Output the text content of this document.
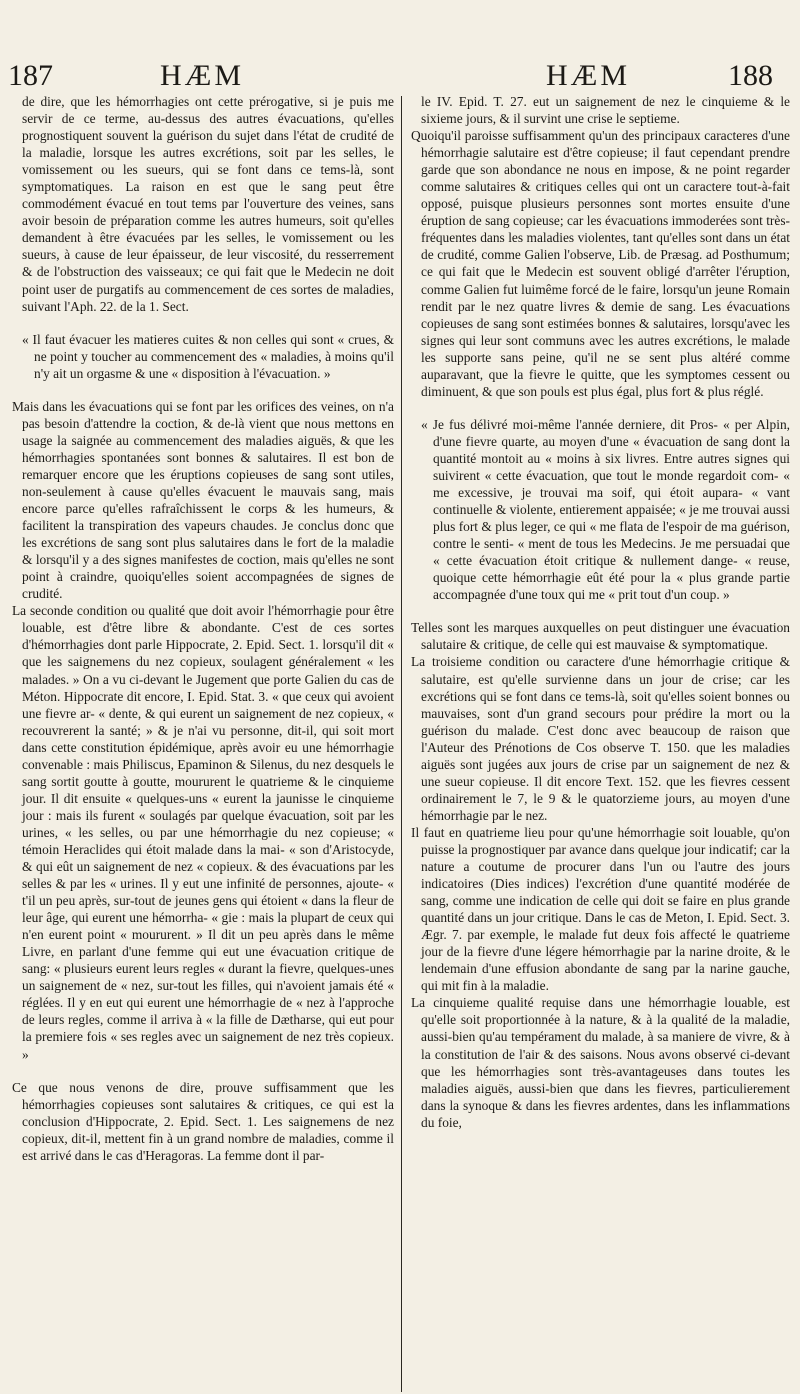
187	HÆM	HÆM	188

de dire, que les hémorrhagies ont cette prérogative, si je puis me servir de ce terme, au-dessus des autres évacuations, qu'elles prognostiquent souvent la guérison du sujet dans l'état de crudité de la maladie, lorsque les autres excrétions, soit par les selles, le vomissement ou les sueurs, qui se font dans ce tems-là, sont symptomatiques. La raison en est que le sang peut être commodément évacué en tout tems par l'ouverture des veines, sans avoir besoin de préparation comme les autres humeurs, soit qu'elles demandent à être évacuées par les selles, le vomissement ou les sueurs, à cause de leur épaisseur, de leur viscosité, du resserrement & de l'obstruction des vaisseaux; ce qui fait que le Medecin ne doit point user de purgatifs au commencement de ces sortes de maladies, suivant l'Aph. 22. de la 1. Sect.

« Il faut évacuer les matieres cuites & non celles qui sont « crues, & ne point y toucher au commencement des « maladies, à moins qu'il n'y ait un orgasme & une « disposition à l'évacuation. »

Mais dans les évacuations qui se font par les orifices des veines, on n'a pas besoin d'attendre la coction, & de-là vient que nous mettons en usage la saignée au commencement des maladies aiguës, & que les hémorrhagies spontanées sont bonnes & salutaires. Il est bon de remarquer encore que les éruptions copieuses de sang sont utiles, non-seulement à cause qu'elles évacuent le mauvais sang, mais encore parce qu'elles rafraîchissent le corps & les humeurs, & facilitent la transpiration des vapeurs chaudes. Je conclus donc que les excrétions de sang sont plus salutaires dans le fort de la maladie & lorsqu'il y a des signes manifestes de coction, mais qu'elles ne sont point à craindre, quoiqu'elles soient accompagnées de signes de crudité.

La seconde condition ou qualité que doit avoir l'hémorrhagie pour être louable, est d'être libre & abondante. C'est de ces sortes d'hémorrhagies dont parle Hippocrate, 2. Epid. Sect. 1. lorsqu'il dit « que les saignemens du nez copieux, soulagent généralement « les malades. » On a vu ci-devant le Jugement que porte Galien du cas de Méton. Hippocrate dit encore, I. Epid. Stat. 3. « que ceux qui avoient une fievre ar- « dente, & qui eurent un saignement de nez copieux, « recouvrerent la santé; » & je n'ai vu personne, dit-il, qui soit mort dans cette constitution épidémique, après avoir eu une hémorrhagie convenable : mais Philiscus, Epaminon & Silenus, du nez desquels le sang sortit goutte à goutte, moururent le quatrieme & le cinquieme jour. Il dit ensuite « quelques-uns « eurent la jaunisse le cinquieme jour : mais ils furent « soulagés par quelque évacuation, soit par les urines, « les selles, ou par une hémorrhagie du nez copieuse; « témoin Heraclides qui étoit malade dans la mai- « son d'Aristocyde, & qui eût un saignement de nez « copieux. & des évacuations par les selles & par les « urines. Il y eut une infinité de personnes, ajoute- « t'il un peu après, sur-tout de jeunes gens qui étoient « dans la fleur de leur âge, qui eurent une hémorrha- « gie : mais la plupart de ceux qui n'en eurent point « moururent. » Il dit un peu après dans le même Livre, en parlant d'une femme qui eut une évacuation critique de sang: « plusieurs eurent leurs regles « durant la fievre, quelques-unes un saignement de « nez, sur-tout les filles, qui n'avoient jamais été « réglées. Il y en eut qui eurent une hémorrhagie de « nez à l'approche de leurs regles, comme il arriva à « la fille de Dætharse, qui eut pour la premiere fois « ses regles avec un saignement de nez très copieux. »

Ce que nous venons de dire, prouve suffisamment que les hémorrhagies copieuses sont salutaires & critiques, ce qui est la conclusion d'Hippocrate, 2. Epid. Sect. 1. Les saignemens de nez copieux, dit-il, mettent fin à un grand nombre de maladies, comme il est arrivé dans le cas d'Heragoras. La femme dont il par-

le IV. Epid. T. 27. eut un saignement de nez le cinquieme & le sixieme jours, & il survint une crise le septieme.

Quoiqu'il paroisse suffisamment qu'un des principaux caracteres d'une hémorrhagie salutaire est d'être copieuse; il faut cependant prendre garde que son abondance ne nous en impose, & ne point regarder comme salutaires & critiques celles qui ont un caractere tout-à-fait opposé, puisque plusieurs personnes sont mortes ensuite d'une éruption de sang copieuse; car les évacuations immoderées sont très-fréquentes dans les maladies violentes, tant qu'elles sont dans un état de crudité, comme Galien l'observe, Lib. de Præsag. ad Posthumum; ce qui fait que le Medecin est souvent obligé d'arrêter l'éruption, comme Galien fut luimême forcé de le faire, lorsqu'un jeune Romain rendit par le nez quatre livres & demie de sang. Les évacuations copieuses de sang sont estimées bonnes & salutaires, lorsqu'avec les signes qui leur sont communs avec les autres excrétions, le malade les supporte sans peine, qu'il ne se sent plus altéré comme auparavant, que la fievre le quitte, que les symptomes cessent ou diminuent, & que son pouls est plus égal, plus fort & plus réglé.

« Je fus délivré moi-même l'année derniere, dit Pros- « per Alpin, d'une fievre quarte, au moyen d'une « évacuation de sang dont la quantité montoit au « moins à six livres. Entre autres signes qui suivirent « cette évacuation, que tout le monde regardoit com- « me excessive, je trouvai ma soif, qui étoit aupara- « vant continuelle & violente, entierement appaisée; « je me trouvai aussi plus fort & plus leger, ce qui « me flata de l'espoir de ma guérison, contre le senti- « ment de tous les Medecins. Je me persuadai que « cette évacuation étoit critique & nullement dange- « reuse, quoique cette hémorrhagie eût été pour la « plus grande partie accompagnée d'une toux qui me « prit tout d'un coup. »

Telles sont les marques auxquelles on peut distinguer une évacuation salutaire & critique, de celle qui est mauvaise & symptomatique.

La troisieme condition ou caractere d'une hémorrhagie critique & salutaire, est qu'elle survienne dans un jour de crise; car les excrétions qui se font dans ce tems-là, soit qu'elles soient bonnes ou mauvaises, sont d'un grand secours pour prédire la mort ou la guérison du malade. C'est donc avec beaucoup de raison que l'Auteur des Prénotions de Cos observe T. 150. que les maladies aiguës sont jugées aux jours de crise par un saignement de nez & une sueur copieuse. Il dit encore Text. 152. que les fievres cessent ordinairement le 7, le 9 & le quatorzieme jours, au moyen d'une hémorrhagie par le nez.

Il faut en quatrieme lieu pour qu'une hémorrhagie soit louable, qu'on puisse la prognostiquer par avance dans quelque jour indicatif; car la nature a coutume de procurer dans l'un ou l'autre des jours indicatoires (Dies indices) l'excrétion d'une quantité modérée de sang, comme une indication de celle qui doit se faire en plus grande quantité dans un jour critique. Dans le cas de Meton, I. Epid. Sect. 3. Ægr. 7. par exemple, le malade fut deux fois affecté le quatrieme jour de la fievre d'une légere hémorrhagie par la narine droite, & le lendemain d'une effusion abondante de sang par la narine gauche, qui mit fin à la maladie.

La cinquieme qualité requise dans une hémorrhagie louable, est qu'elle soit proportionnée à la nature, & à la qualité de la maladie, aussi-bien qu'au tempérament du malade, à sa maniere de vivre, & à la constitution de l'air & des saisons. Nous avons observé ci-devant que les hémorrhagies sont très-avantageuses dans toutes les maladies aiguës, aussi-bien que dans les fievres, particulierement dans la synoque & dans les fievres ardentes, dans les inflammations du foie,
